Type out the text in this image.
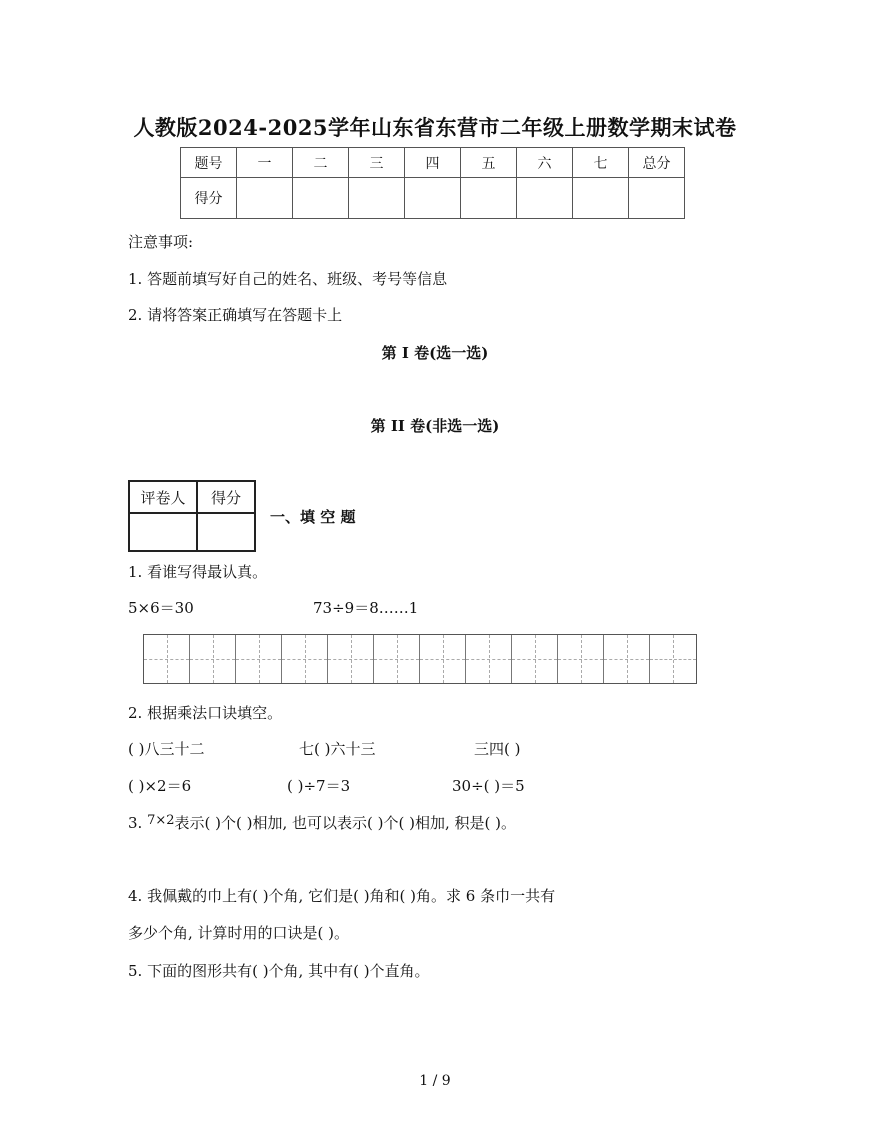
人教版2024-2025学年山东省东营市二年级上册数学期末试卷
题号	一	二	三	四	五	六	七	总分
得分								
注意事项:
1. 答题前填写好自己的姓名、班级、考号等信息
2. 请将答案正确填写在答题卡上
第 I 卷(选一选)
第 II 卷(非选一选)
评卷人	得分

一、填 空 题
1. 看谁写得最认真。
5×6＝30	73÷9＝8……1
2. 根据乘法口诀填空。
( )八三十二	七( )六十三	三四( )
( )×2＝6	( )÷7＝3	30÷( )＝5
3. 7×2表示( )个( )相加, 也可以表示( )个( )相加, 积是( )。
4. 我佩戴的巾上有( )个角, 它们是( )角和( )角。求 6 条巾一共有
多少个角, 计算时用的口诀是( )。
5. 下面的图形共有( )个角, 其中有( )个直角。
1 / 9
